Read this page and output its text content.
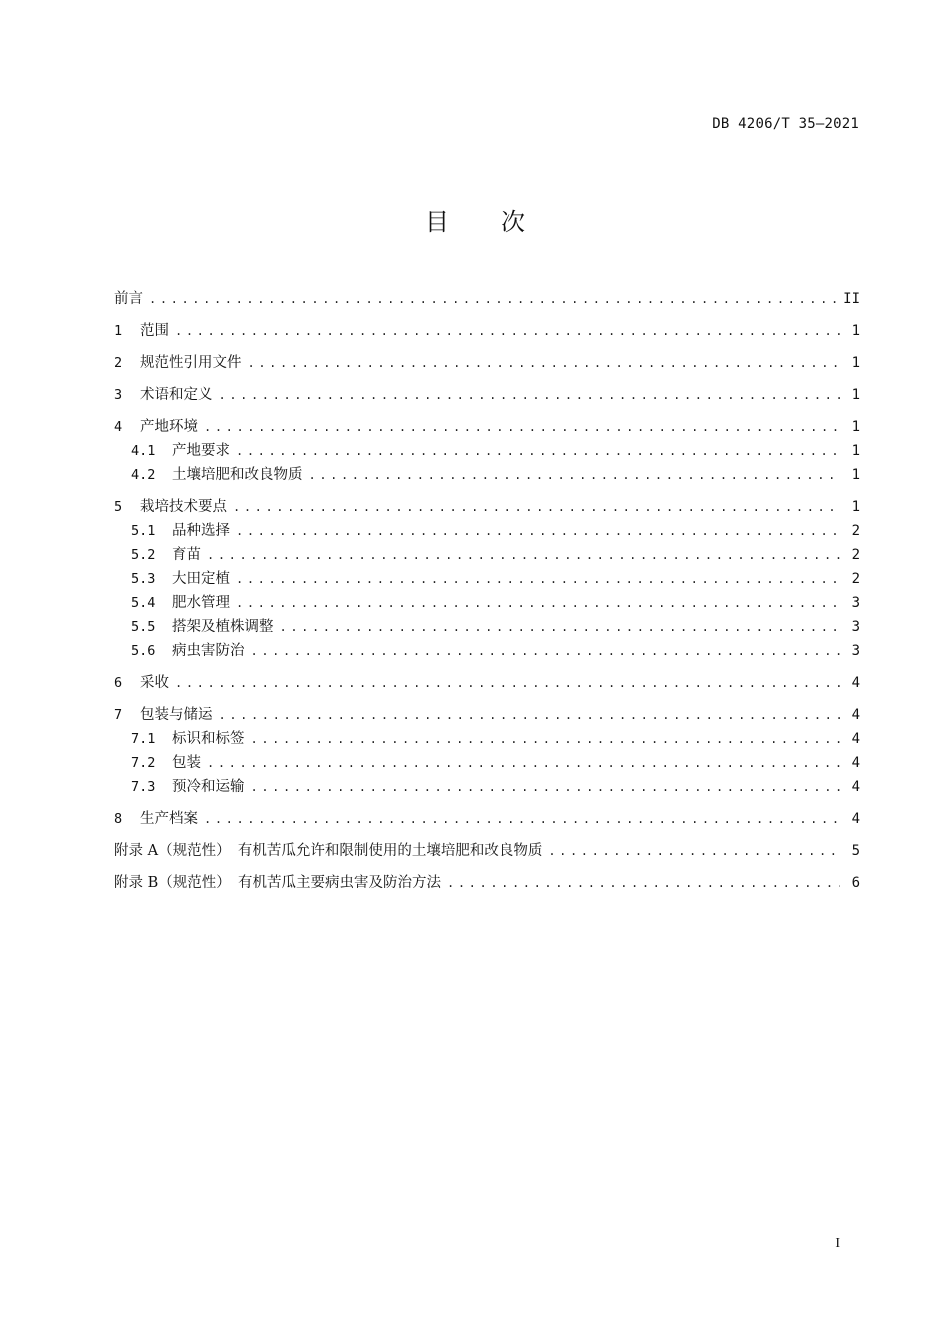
DB 4206/T 35—2021
目 次
前言 .....	II
1	范围 .....	1
2	规范性引用文件 .....	1
3	术语和定义 .....	1
4	产地环境 .....	1
4.1	产地要求 .....	1
4.2	土壤培肥和改良物质 .....	1
5	栽培技术要点 .....	1
5.1	品种选择 .....	2
5.2	育苗 .....	2
5.3	大田定植 .....	2
5.4	肥水管理 .....	3
5.5	搭架及植株调整 .....	3
5.6	病虫害防治 .....	3
6	采收 .....	4
7	包装与储运 .....	4
7.1	标识和标签 .....	4
7.2	包装 .....	4
7.3	预冷和运输 .....	4
8	生产档案 .....	4
附录 A（规范性）　有机苦瓜允许和限制使用的土壤培肥和改良物质 .....	5
附录 B（规范性）　有机苦瓜主要病虫害及防治方法 .....	6
I
